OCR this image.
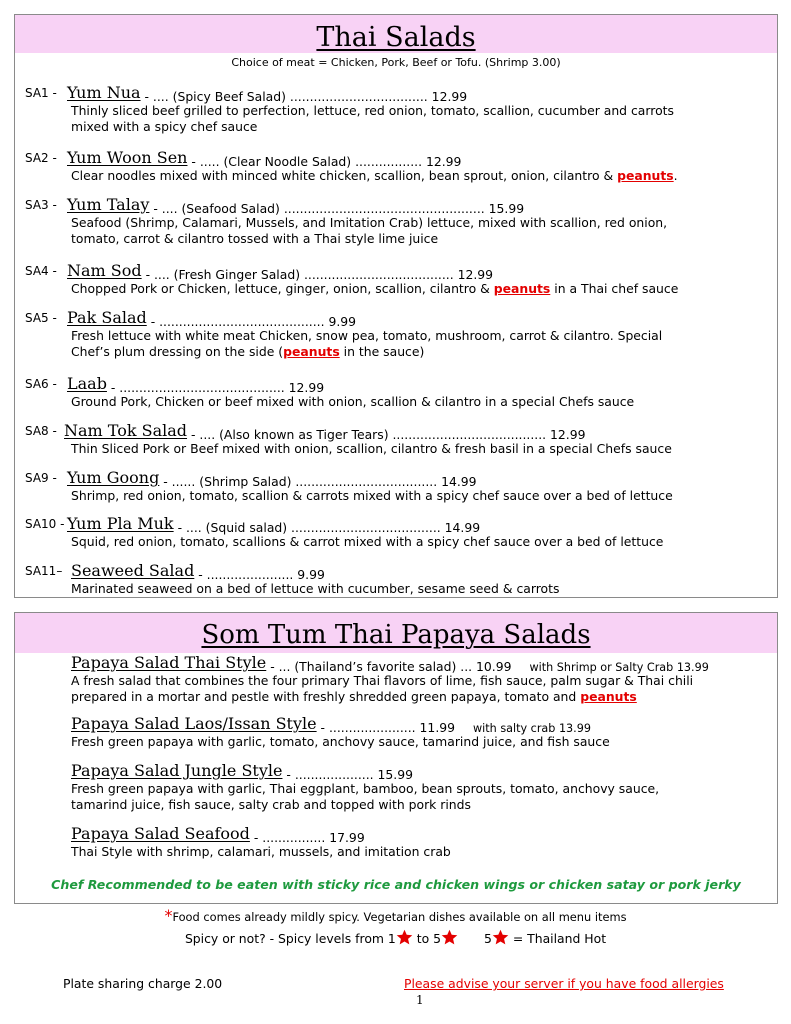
Thai Salads
Choice of meat = Chicken, Pork, Beef or Tofu. (Shrimp 3.00)
SA1 - Yum Nua - .... (Spicy Beef Salad) ................................... 12.99
Thinly sliced beef grilled to perfection, lettuce, red onion, tomato, scallion, cucumber and carrots
mixed with a spicy chef sauce
SA2 - Yum Woon Sen - ..... (Clear Noodle Salad) ................. 12.99
Clear noodles mixed with minced white chicken, scallion, bean sprout, onion, cilantro & peanuts.
SA3 - Yum Talay - .... (Seafood Salad) ................................................... 15.99
Seafood (Shrimp, Calamari, Mussels, and Imitation Crab) lettuce, mixed with scallion, red onion,
tomato, carrot & cilantro tossed with a Thai style lime juice
SA4 - Nam Sod - .... (Fresh Ginger Salad) ...................................... 12.99
Chopped Pork or Chicken, lettuce, ginger, onion, scallion, cilantro & peanuts in a Thai chef sauce
SA5 - Pak Salad - .......................................... 9.99
Fresh lettuce with white meat Chicken, snow pea, tomato, mushroom, carrot & cilantro. Special
Chef’s plum dressing on the side (peanuts in the sauce)
SA6 - Laab - .......................................... 12.99
Ground Pork, Chicken or beef mixed with onion, scallion & cilantro in a special Chefs sauce
SA8 - Nam Tok Salad - .... (Also known as Tiger Tears) ....................................... 12.99
Thin Sliced Pork or Beef mixed with onion, scallion, cilantro & fresh basil in a special Chefs sauce
SA9 - Yum Goong - ...... (Shrimp Salad) .................................... 14.99
Shrimp, red onion, tomato, scallion & carrots mixed with a spicy chef sauce over a bed of lettuce
SA10 - Yum Pla Muk - .... (Squid salad) ...................................... 14.99
Squid, red onion, tomato, scallions & carrot mixed with a spicy chef sauce over a bed of lettuce
SA11– Seaweed Salad - ...................... 9.99
Marinated seaweed on a bed of lettuce with cucumber, sesame seed & carrots
Som Tum Thai Papaya Salads
Papaya Salad Thai Style - ... (Thailand’s favorite salad) ... 10.99 with Shrimp or Salty Crab 13.99
A fresh salad that combines the four primary Thai flavors of lime, fish sauce, palm sugar & Thai chili
prepared in a mortar and pestle with freshly shredded green papaya, tomato and peanuts
Papaya Salad Laos/Issan Style - ...................... 11.99 with salty crab 13.99
Fresh green papaya with garlic, tomato, anchovy sauce, tamarind juice, and fish sauce
Papaya Salad Jungle Style - .................... 15.99
Fresh green papaya with garlic, Thai eggplant, bamboo, bean sprouts, tomato, anchovy sauce,
tamarind juice, fish sauce, salty crab and topped with pork rinds
Papaya Salad Seafood - ................ 17.99
Thai Style with shrimp, calamari, mussels, and imitation crab
Chef Recommended to be eaten with sticky rice and chicken wings or chicken satay or pork jerky
*Food comes already mildly spicy. Vegetarian dishes available on all menu items
Spicy or not? - Spicy levels from 1 to 5	5 = Thailand Hot
Plate sharing charge 2.00	Please advise your server if you have food allergies
1
